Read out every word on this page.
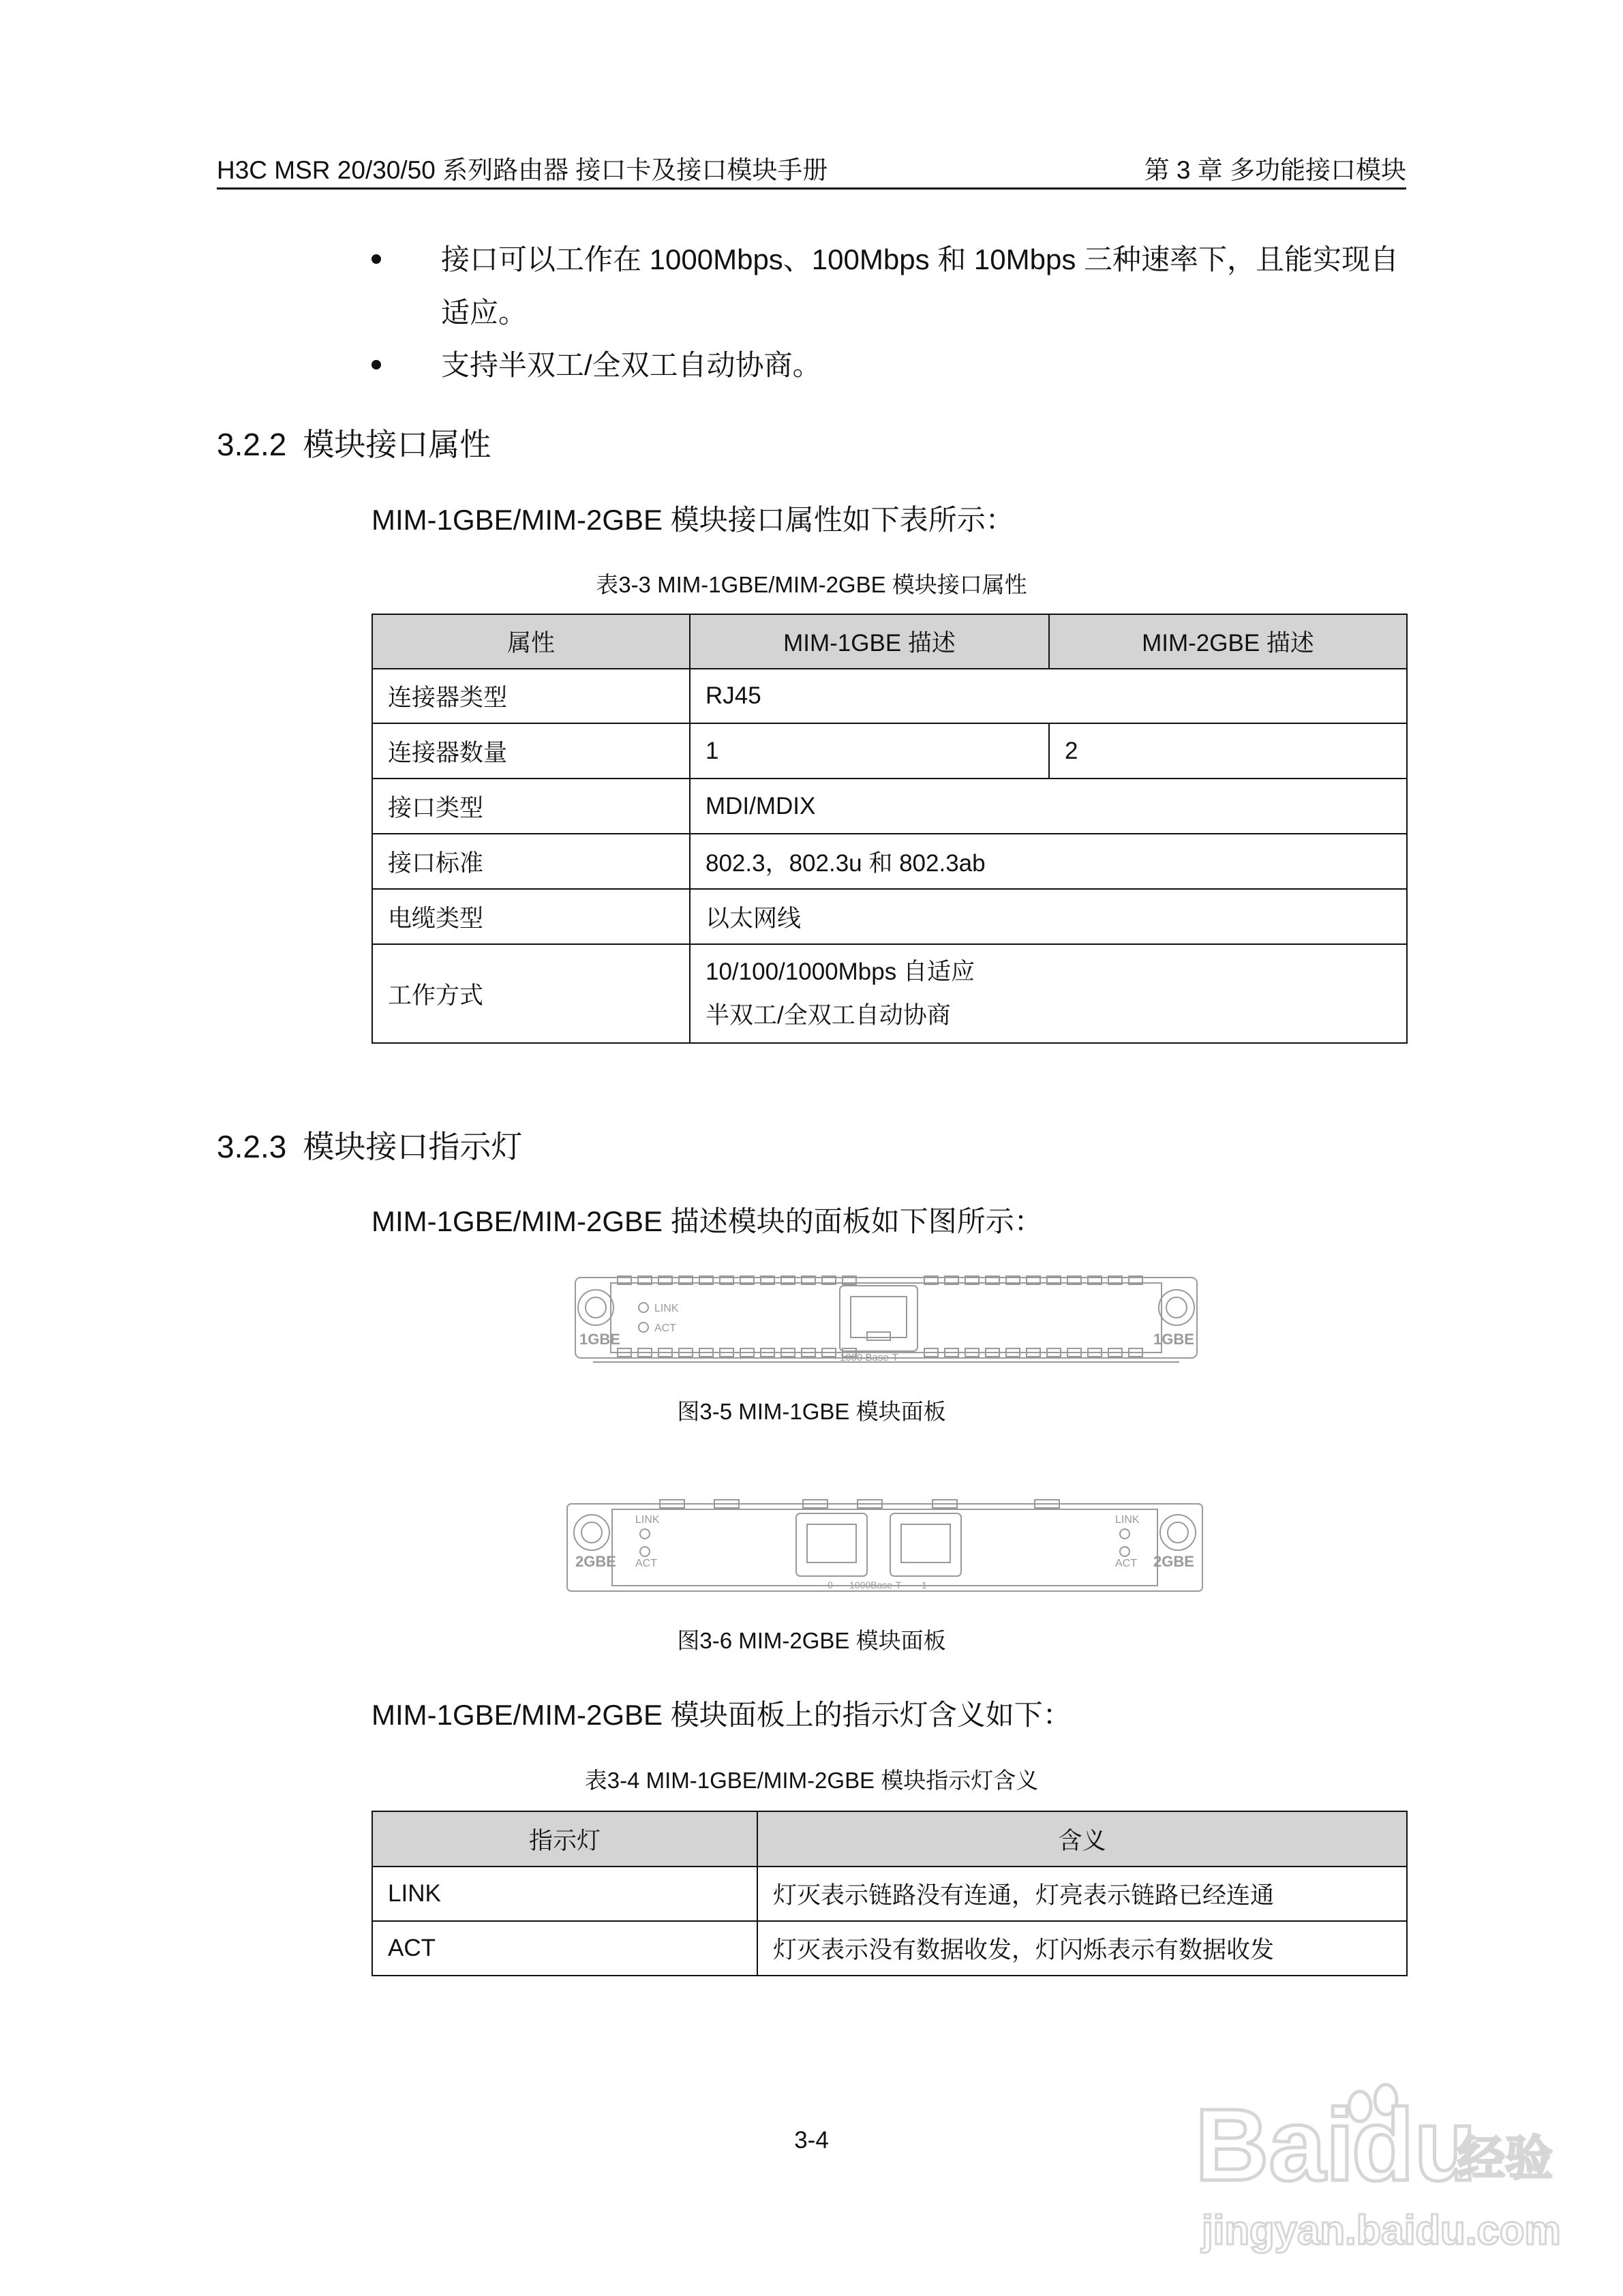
H3C MSR 20/30/50 系列路由器 接口卡及接口模块手册	第 3 章 多功能接口模块
接口可以工作在 1000Mbps、100Mbps 和 10Mbps 三种速率下，且能实现自适应。
支持半双工/全双工自动协商。
3.2.2 模块接口属性
MIM-1GBE/MIM-2GBE 模块接口属性如下表所示：
表3-3 MIM-1GBE/MIM-2GBE 模块接口属性
属性	MIM-1GBE 描述	MIM-2GBE 描述
连接器类型	RJ45	
连接器数量	1	2
接口类型	MDI/MDIX	
接口标准	802.3，802.3u 和 802.3ab	
电缆类型	以太网线	
工作方式	10/100/1000Mbps 自适应
半双工/全双工自动协商	
3.2.3 模块接口指示灯
MIM-1GBE/MIM-2GBE 描述模块的面板如下图所示：
LINK
ACT
1000 Base-T
1GBE	1GBE
图3-5 MIM-1GBE 模块面板
LINK
ACT
LINK
ACT
0 1000Base-T 1
2GBE	2GBE
图3-6 MIM-2GBE 模块面板
MIM-1GBE/MIM-2GBE 模块面板上的指示灯含义如下：
表3-4 MIM-1GBE/MIM-2GBE 模块指示灯含义
指示灯	含义
LINK	灯灭表示链路没有连通，灯亮表示链路已经连通
ACT	灯灭表示没有数据收发，灯闪烁表示有数据收发
3-4	Bai
du
经验
jingyan.baidu.com
